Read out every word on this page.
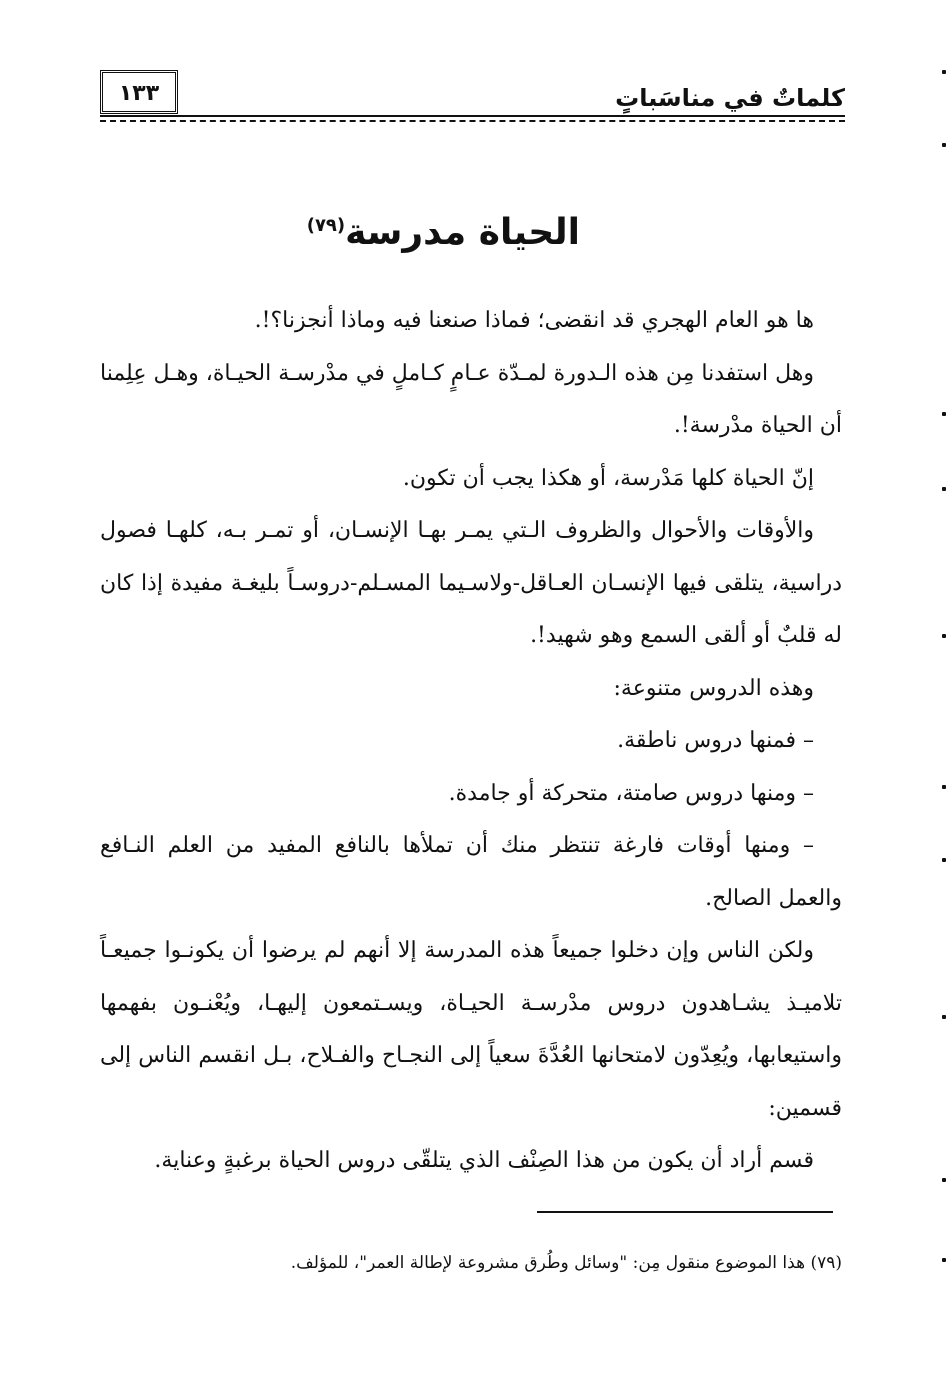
كلماتٌ في مناسَباتٍ
١٣٣
الحياة مدرسة$^{(٧٩)}$

ها هو العام الهجري قد انقضى؛ فماذا صنعنا فيه وماذا أنجزنا؟!.

وهل استفدنا مِن هذه الـدورة لمـدّة عـامٍ كـاملٍ في مدْرسـة الحيـاة، وهـل عِلِمنا أن الحياة مدْرسة!.

إنّ الحياة كلها مَدْرسة، أو هكذا يجب أن تكون.

والأوقات والأحوال والظروف الـتي يمـر بهـا الإنسـان، أو تمـر بـه، كلهـا فصول دراسية، يتلقى فيها الإنسـان العـاقل-ولاسـيما المسـلم-دروسـاً بليغـة مفيدة إذا كان له قلبٌ أو ألقى السمع وهو شهيد!.

وهذه الدروس متنوعة:

– فمنها دروس ناطقة.

– ومنها دروس صامتة، متحركة أو جامدة.

– ومنها أوقات فارغة تنتظر منك أن تملأها بالنافع المفيد من العلم النـافع والعمل الصالح.

ولكن الناس وإن دخلوا جميعاً هذه المدرسة إلا أنهم لم يرضوا أن يكونـوا جميعـاً تلاميـذ يشـاهدون دروس مدْرسـة الحيـاة، ويسـتمعون إليهـا، ويُعْنـون بفهمها واستيعابها، ويُعِدّون لامتحانها العُدَّةَ سعياً إلى النجـاح والفـلاح، بـل انقسم الناس إلى قسمين:

قسم أراد أن يكون من هذا الصِنْف الذي يتلقّى دروس الحياة برغبةٍ وعناية.

(٧٩) هذا الموضوع منقول مِن: "وسائل وطُرق مشروعة لإطالة العمر"، للمؤلف.
